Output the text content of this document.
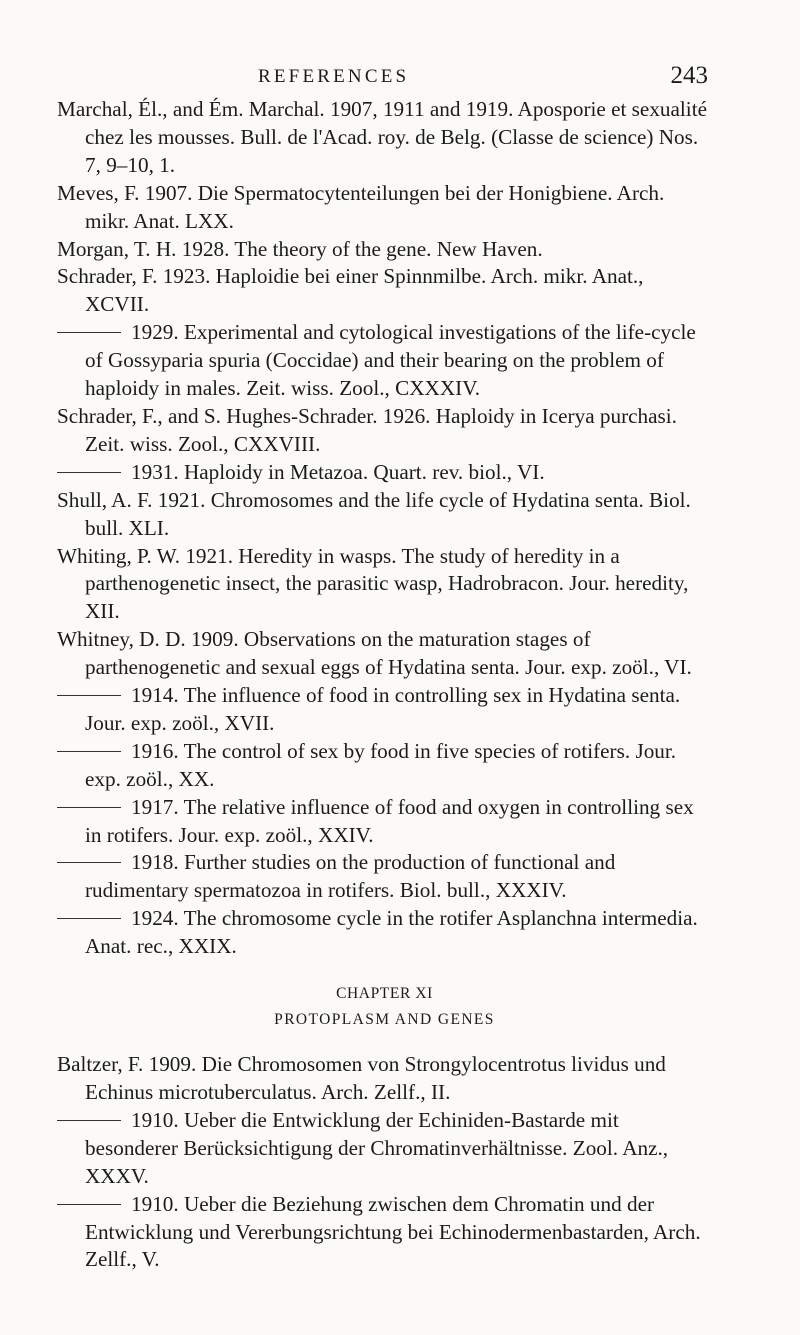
REFERENCES	243

Marchal, Él., and Ém. Marchal. 1907, 1911 and 1919. Aposporie et sexualité chez les mousses. Bull. de l'Acad. roy. de Belg. (Classe de science) Nos. 7, 9–10, 1.

Meves, F. 1907. Die Spermatocytenteilungen bei der Honigbiene. Arch. mikr. Anat. LXX.

Morgan, T. H. 1928. The theory of the gene. New Haven.

Schrader, F. 1923. Haploidie bei einer Spinnmilbe. Arch. mikr. Anat., XCVII.

1929. Experimental and cytological investigations of the life-cycle of Gossyparia spuria (Coccidae) and their bearing on the problem of haploidy in males. Zeit. wiss. Zool., CXXXIV.

Schrader, F., and S. Hughes-Schrader. 1926. Haploidy in Icerya purchasi. Zeit. wiss. Zool., CXXVIII.

1931. Haploidy in Metazoa. Quart. rev. biol., VI.

Shull, A. F. 1921. Chromosomes and the life cycle of Hydatina senta. Biol. bull. XLI.

Whiting, P. W. 1921. Heredity in wasps. The study of heredity in a parthenogenetic insect, the parasitic wasp, Hadrobracon. Jour. heredity, XII.

Whitney, D. D. 1909. Observations on the maturation stages of parthenogenetic and sexual eggs of Hydatina senta. Jour. exp. zoöl., VI.

1914. The influence of food in controlling sex in Hydatina senta. Jour. exp. zoöl., XVII.

1916. The control of sex by food in five species of rotifers. Jour. exp. zoöl., XX.

1917. The relative influence of food and oxygen in controlling sex in rotifers. Jour. exp. zoöl., XXIV.

1918. Further studies on the production of functional and rudimentary spermatozoa in rotifers. Biol. bull., XXXIV.

1924. The chromosome cycle in the rotifer Asplanchna intermedia. Anat. rec., XXIX.

CHAPTER XI
PROTOPLASM AND GENES

Baltzer, F. 1909. Die Chromosomen von Strongylocentrotus lividus und Echinus microtuberculatus. Arch. Zellf., II.

1910. Ueber die Entwicklung der Echiniden-Bastarde mit besonderer Berücksichtigung der Chromatinverhältnisse. Zool. Anz., XXXV.

1910. Ueber die Beziehung zwischen dem Chromatin und der Entwicklung und Vererbungsrichtung bei Echinodermenbastarden, Arch. Zellf., V.
